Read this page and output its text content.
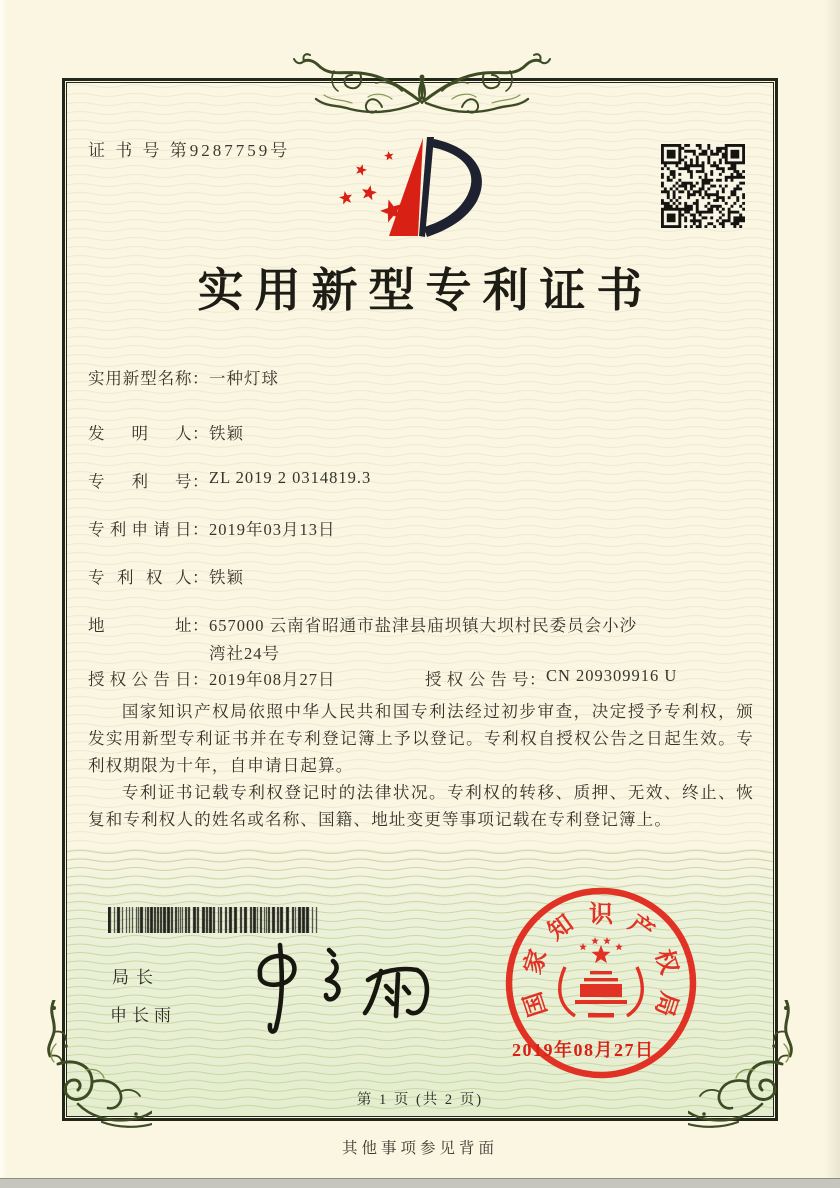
证 书 号 第9287759号
实用新型专利证书
实用新型名称：一种灯球
发明人：铁颖
专利号：ZL 2019 2 0314819.3
专利申请日：2019年03月13日
专利权人：铁颖
地址：657000 云南省昭通市盐津县庙坝镇大坝村民委员会小沙
湾社24号
授权公告日：2019年08月27日	授权公告号：CN 209309916 U

国家知识产权局依照中华人民共和国专利法经过初步审查，决定授予专利权，颁发实用新型专利证书并在专利登记簿上予以登记。专利权自授权公告之日起生效。专利权期限为十年，自申请日起算。

专利证书记载专利权登记时的法律状况。专利权的转移、质押、无效、终止、恢复和专利权人的姓名或名称、国籍、地址变更等事项记载在专利登记簿上。

局长
申长雨	国
家
知 识 产
权
局
2019年08月27日
第 1 页 (共 2 页)
其他事项参见背面
